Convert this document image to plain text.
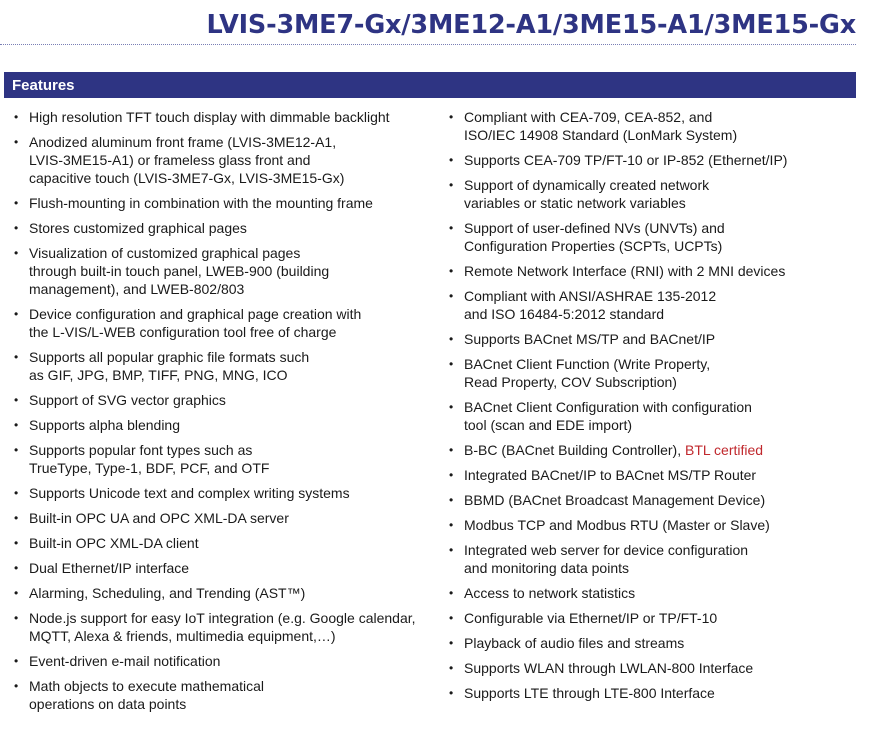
LVIS-3ME7-Gx/3ME12-A1/3ME15-A1/3ME15-Gx
Features
• High resolution TFT touch display with dimmable backlight
• Anodized aluminum front frame (LVIS-3ME12-A1,
LVIS-3ME15-A1) or frameless glass front and
capacitive touch (LVIS-3ME7-Gx, LVIS-3ME15-Gx)
• Flush-mounting in combination with the mounting frame
• Stores customized graphical pages
• Visualization of customized graphical pages
through built-in touch panel, LWEB-900 (building
management), and LWEB-802/803
• Device configuration and graphical page creation with
the L-VIS/L-WEB configuration tool free of charge
• Supports all popular graphic file formats such
as GIF, JPG, BMP, TIFF, PNG, MNG, ICO
• Support of SVG vector graphics
• Supports alpha blending
• Supports popular font types such as
TrueType, Type-1, BDF, PCF, and OTF
• Supports Unicode text and complex writing systems
• Built-in OPC UA and OPC XML-DA server
• Built-in OPC XML-DA client
• Dual Ethernet/IP interface
• Alarming, Scheduling, and Trending (AST™)
• Node.js support for easy IoT integration (e.g. Google calendar,
MQTT, Alexa & friends, multimedia equipment,…)
• Event-driven e-mail notification
• Math objects to execute mathematical
operations on data points
• Compliant with CEA-709, CEA-852, and
ISO/IEC 14908 Standard (LonMark System)
• Supports CEA-709 TP/FT-10 or IP-852 (Ethernet/IP)
• Support of dynamically created network
variables or static network variables
• Support of user-defined NVs (UNVTs) and
Configuration Properties (SCPTs, UCPTs)
• Remote Network Interface (RNI) with 2 MNI devices
• Compliant with ANSI/ASHRAE 135-2012
and ISO 16484-5:2012 standard
• Supports BACnet MS/TP and BACnet/IP
• BACnet Client Function (Write Property,
Read Property, COV Subscription)
• BACnet Client Configuration with configuration
tool (scan and EDE import)
• B-BC (BACnet Building Controller), BTL certified
• Integrated BACnet/IP to BACnet MS/TP Router
• BBMD (BACnet Broadcast Management Device)
• Modbus TCP and Modbus RTU (Master or Slave)
• Integrated web server for device configuration
and monitoring data points
• Access to network statistics
• Configurable via Ethernet/IP or TP/FT-10
• Playback of audio files and streams
• Supports WLAN through LWLAN-800 Interface
• Supports LTE through LTE-800 Interface
